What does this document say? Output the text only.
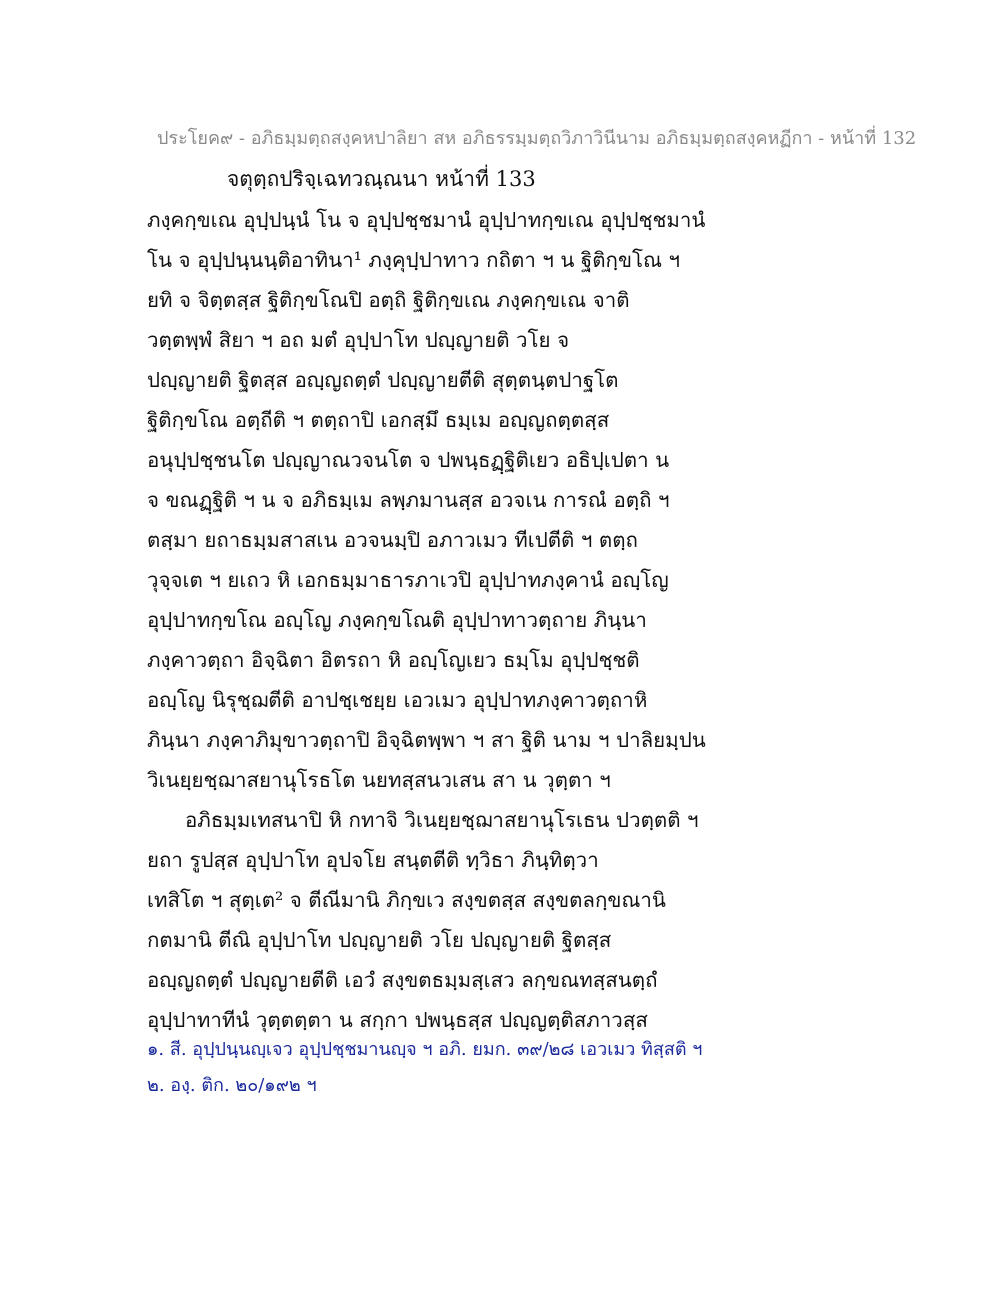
ประโยค๙ - อภิธมฺมตฺถสงฺคหปาลิยา สห อภิธรรมฺมตฺถวิภาวินีนาม อภิธมฺมตฺถสงฺคหฏีกา - หน้าที่ 132
จตุตฺถปริจฺเฉทวณฺณนา หน้าที่ 133
ภงฺคกฺขเณ อุปฺปนฺนํ โน จ อุปฺปชฺชมานํ อุปฺปาทกฺขเณ อุปฺปชฺชมานํ
โน จ อุปฺปนฺนนฺติอาทินา¹ ภงฺคุปฺปาทาว กถิตา ฯ น ฐิติกฺขโณ ฯ
ยทิ จ จิตฺตสฺส ฐิติกฺขโณปิ อตฺถิ ฐิติกฺขเณ ภงฺคกฺขเณ จาติ
วตฺตพฺพํ สิยา ฯ อถ มตํ อุปฺปาโท ปญฺญายติ วโย จ
ปญฺญายติ ฐิตสฺส อญฺญถตฺตํ ปญฺญายตีติ สุตฺตนฺตปาฐโต
ฐิติกฺขโณ อตฺถีติ ฯ ตตฺถาปิ เอกสฺมึ ธมฺเม อญฺญถตฺตสฺส
อนุปฺปชฺชนโต ปญฺญาณวจนโต จ ปพนฺธฏฺฐิติเยว อธิปฺเปตา น
จ ขณฏฺฐิติ ฯ น จ อภิธมฺเม ลพฺภมานสฺส อวจเน การณํ อตฺถิ ฯ
ตสฺมา ยถาธมฺมสาสเน อวจนมฺปิ อภาวเมว ทีเปตีติ ฯ ตตฺถ
วุจฺจเต ฯ ยเถว หิ เอกธมฺมาธารภาเวปิ อุปฺปาทภงฺคานํ อญฺโญ
อุปฺปาทกฺขโณ อญฺโญ ภงฺคกฺขโณติ อุปฺปาทาวตฺถาย ภินฺนา
ภงฺคาวตฺถา อิจฺฉิตา อิตรถา หิ อญฺโญเยว ธมฺโม อุปฺปชฺชติ
อญฺโญ นิรุชฺฌตีติ อาปชฺเชยฺย เอวเมว อุปฺปาทภงฺคาวตฺถาหิ
ภินฺนา ภงฺคาภิมุขาวตฺถาปิ อิจฺฉิตพฺพา ฯ สา ฐิติ นาม ฯ ปาลิยมฺปน
วิเนยฺยชฺฌาสยานุโรธโต นยทสฺสนวเสน สา น วุตฺตา ฯ
อภิธมฺมเทสนาปิ หิ กทาจิ วิเนยฺยชฺฌาสยานุโรเธน ปวตฺตติ ฯ
ยถา รูปสฺส อุปฺปาโท อุปจโย สนฺตตีติ ทฺวิธา ภินฺทิตฺวา
เทสิโต ฯ สุตฺเต² จ ตีณีมานิ ภิกฺขเว สงฺขตสฺส สงฺขตลกฺขณานิ
กตมานิ ตีณิ อุปฺปาโท ปญฺญายติ วโย ปญฺญายติ ฐิตสฺส
อญฺญถตฺตํ ปญฺญายตีติ เอวํ สงฺขตธมฺมสฺเสว ลกฺขณทสฺสนตฺถํ
อุปฺปาทาทีนํ วุตฺตตฺตา น สกฺกา ปพนฺธสฺส ปญฺญตฺติสภาวสฺส
๑. สี. อุปฺปนฺนญฺเจว อุปฺปชฺชมานญฺจ ฯ อภิ. ยมก. ๓๙/๒๘ เอวเมว ทิสฺสติ ฯ
๒. องฺ. ติก. ๒๐/๑๙๒ ฯ
